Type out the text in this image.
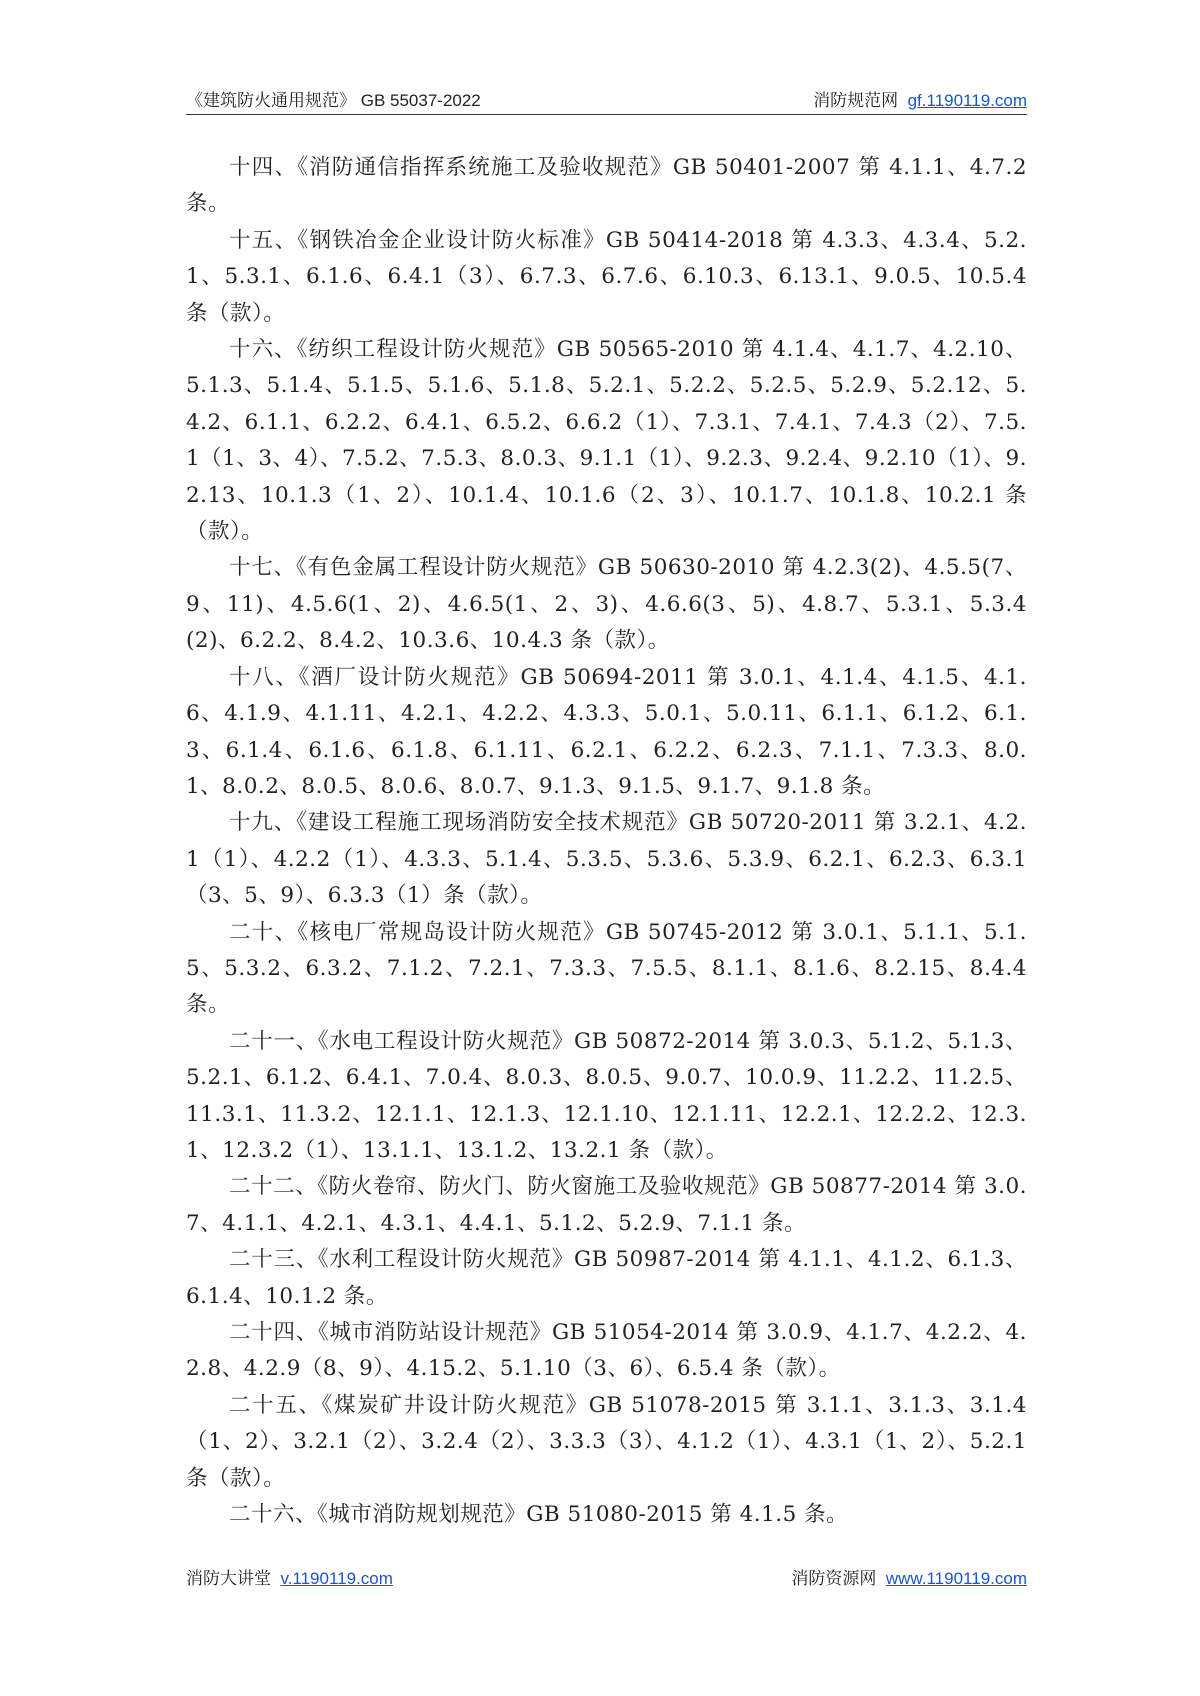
《建筑防火通用规范》 GB 55037-2022	消防规范网 gf.1190119.com

十四、《消防通信指挥系统施工及验收规范》GB 50401-2007 第 4.1.1、4.7.2 条。

十五、《钢铁冶金企业设计防火标准》GB 50414-2018 第 4.3.3、4.3.4、5.2.1、5.3.1、6.1.6、6.4.1（3）、6.7.3、6.7.6、6.10.3、6.13.1、9.0.5、10.5.4 条（款）。

十六、《纺织工程设计防火规范》GB 50565-2010 第 4.1.4、4.1.7、4.2.10、5.1.3、5.1.4、5.1.5、5.1.6、5.1.8、5.2.1、5.2.2、5.2.5、5.2.9、5.2.12、5.4.2、6.1.1、6.2.2、6.4.1、6.5.2、6.6.2（1）、7.3.1、7.4.1、7.4.3（2）、7.5.1（1、3、4）、7.5.2、7.5.3、8.0.3、9.1.1（1）、9.2.3、9.2.4、9.2.10（1）、9.2.13、10.1.3（1、2）、10.1.4、10.1.6（2、3）、10.1.7、10.1.8、10.2.1 条（款）。

十七、《有色金属工程设计防火规范》GB 50630-2010 第 4.2.3(2)、4.5.5(7、9、11)、4.5.6(1、2)、4.6.5(1、2、3)、4.6.6(3、5)、4.8.7、5.3.1、5.3.4(2)、6.2.2、8.4.2、10.3.6、10.4.3 条（款）。

十八、《酒厂设计防火规范》GB 50694-2011 第 3.0.1、4.1.4、4.1.5、4.1.6、4.1.9、4.1.11、4.2.1、4.2.2、4.3.3、5.0.1、5.0.11、6.1.1、6.1.2、6.1.3、6.1.4、6.1.6、6.1.8、6.1.11、6.2.1、6.2.2、6.2.3、7.1.1、7.3.3、8.0.1、8.0.2、8.0.5、8.0.6、8.0.7、9.1.3、9.1.5、9.1.7、9.1.8 条。

十九、《建设工程施工现场消防安全技术规范》GB 50720-2011 第 3.2.1、4.2.1（1）、4.2.2（1）、4.3.3、5.1.4、5.3.5、5.3.6、5.3.9、6.2.1、6.2.3、6.3.1（3、5、9）、6.3.3（1）条（款）。

二十、《核电厂常规岛设计防火规范》GB 50745-2012 第 3.0.1、5.1.1、5.1.5、5.3.2、6.3.2、7.1.2、7.2.1、7.3.3、7.5.5、8.1.1、8.1.6、8.2.15、8.4.4 条。

二十一、《水电工程设计防火规范》GB 50872-2014 第 3.0.3、5.1.2、5.1.3、5.2.1、6.1.2、6.4.1、7.0.4、8.0.3、8.0.5、9.0.7、10.0.9、11.2.2、11.2.5、11.3.1、11.3.2、12.1.1、12.1.3、12.1.10、12.1.11、12.2.1、12.2.2、12.3.1、12.3.2（1）、13.1.1、13.1.2、13.2.1 条（款）。

二十二、《防火卷帘、防火门、防火窗施工及验收规范》GB 50877-2014 第 3.0.7、4.1.1、4.2.1、4.3.1、4.4.1、5.1.2、5.2.9、7.1.1 条。

二十三、《水利工程设计防火规范》GB 50987-2014 第 4.1.1、4.1.2、6.1.3、6.1.4、10.1.2 条。

二十四、《城市消防站设计规范》GB 51054-2014 第 3.0.9、4.1.7、4.2.2、4.2.8、4.2.9（8、9）、4.15.2、5.1.10（3、6）、6.5.4 条（款）。

二十五、《煤炭矿井设计防火规范》GB 51078-2015 第 3.1.1、3.1.3、3.1.4（1、2）、3.2.1（2）、3.2.4（2）、3.3.3（3）、4.1.2（1）、4.3.1（1、2）、5.2.1 条（款）。

二十六、《城市消防规划规范》GB 51080-2015 第 4.1.5 条。

消防大讲堂 v.1190119.com	消防资源网 www.1190119.com
